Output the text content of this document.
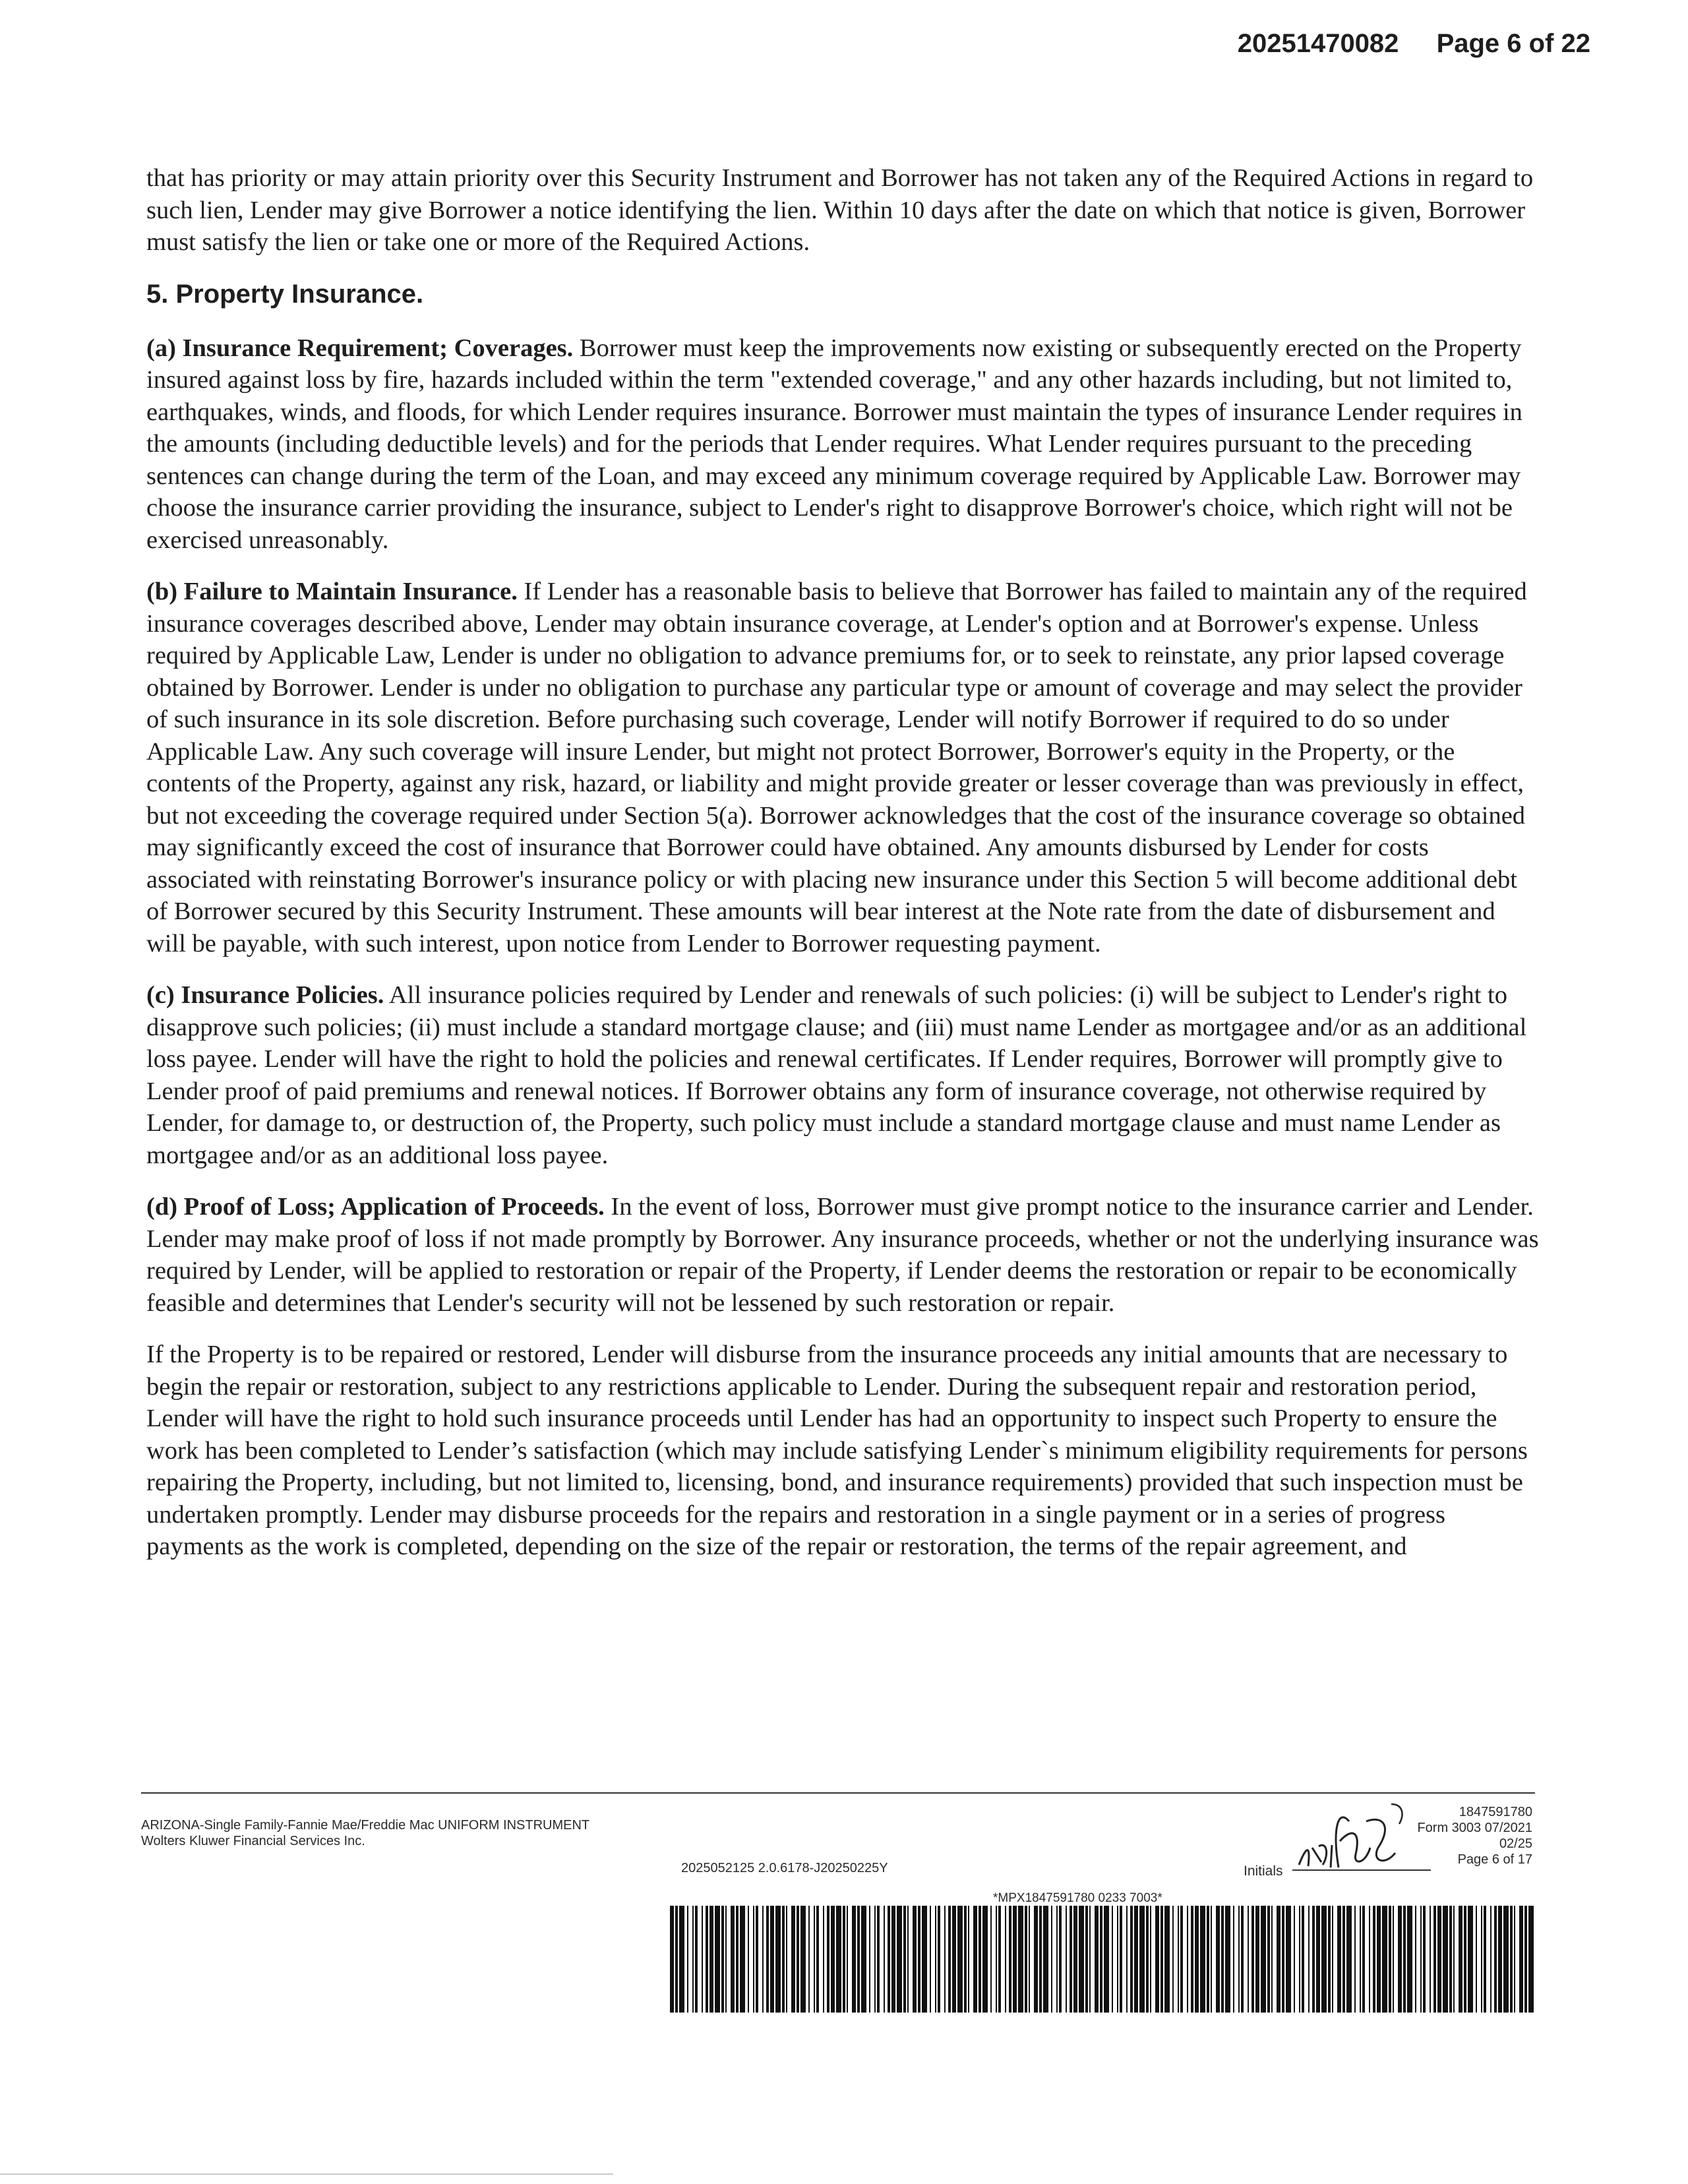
20251470082 Page 6 of 22

that has priority or may attain priority over this Security Instrument and Borrower has not taken any of the Required Actions in regard to such lien, Lender may give Borrower a notice identifying the lien. Within 10 days after the date on which that notice is given, Borrower must satisfy the lien or take one or more of the Required Actions.

5. Property Insurance.

(a) Insurance Requirement; Coverages. Borrower must keep the improvements now existing or subsequently erected on the Property insured against loss by fire, hazards included within the term "extended coverage," and any other hazards including, but not limited to, earthquakes, winds, and floods, for which Lender requires insurance. Borrower must maintain the types of insurance Lender requires in the amounts (including deductible levels) and for the periods that Lender requires. What Lender requires pursuant to the preceding sentences can change during the term of the Loan, and may exceed any minimum coverage required by Applicable Law. Borrower may choose the insurance carrier providing the insurance, subject to Lender's right to disapprove Borrower's choice, which right will not be exercised unreasonably.

(b) Failure to Maintain Insurance. If Lender has a reasonable basis to believe that Borrower has failed to maintain any of the required insurance coverages described above, Lender may obtain insurance coverage, at Lender's option and at Borrower's expense. Unless required by Applicable Law, Lender is under no obligation to advance premiums for, or to seek to reinstate, any prior lapsed coverage obtained by Borrower. Lender is under no obligation to purchase any particular type or amount of coverage and may select the provider of such insurance in its sole discretion. Before purchasing such coverage, Lender will notify Borrower if required to do so under Applicable Law. Any such coverage will insure Lender, but might not protect Borrower, Borrower's equity in the Property, or the contents of the Property, against any risk, hazard, or liability and might provide greater or lesser coverage than was previously in effect, but not exceeding the coverage required under Section 5(a). Borrower acknowledges that the cost of the insurance coverage so obtained may significantly exceed the cost of insurance that Borrower could have obtained. Any amounts disbursed by Lender for costs associated with reinstating Borrower's insurance policy or with placing new insurance under this Section 5 will become additional debt of Borrower secured by this Security Instrument. These amounts will bear interest at the Note rate from the date of disbursement and will be payable, with such interest, upon notice from Lender to Borrower requesting payment.

(c) Insurance Policies. All insurance policies required by Lender and renewals of such policies: (i) will be subject to Lender's right to disapprove such policies; (ii) must include a standard mortgage clause; and (iii) must name Lender as mortgagee and/or as an additional loss payee. Lender will have the right to hold the policies and renewal certificates. If Lender requires, Borrower will promptly give to Lender proof of paid premiums and renewal notices. If Borrower obtains any form of insurance coverage, not otherwise required by Lender, for damage to, or destruction of, the Property, such policy must include a standard mortgage clause and must name Lender as mortgagee and/or as an additional loss payee.

(d) Proof of Loss; Application of Proceeds. In the event of loss, Borrower must give prompt notice to the insurance carrier and Lender. Lender may make proof of loss if not made promptly by Borrower. Any insurance proceeds, whether or not the underlying insurance was required by Lender, will be applied to restoration or repair of the Property, if Lender deems the restoration or repair to be economically feasible and determines that Lender's security will not be lessened by such restoration or repair.

If the Property is to be repaired or restored, Lender will disburse from the insurance proceeds any initial amounts that are necessary to begin the repair or restoration, subject to any restrictions applicable to Lender. During the subsequent repair and restoration period, Lender will have the right to hold such insurance proceeds until Lender has had an opportunity to inspect such Property to ensure the work has been completed to Lender’s satisfaction (which may include satisfying Lender`s minimum eligibility requirements for persons repairing the Property, including, but not limited to, licensing, bond, and insurance requirements) provided that such inspection must be undertaken promptly. Lender may disburse proceeds for the repairs and restoration in a single payment or in a series of progress payments as the work is completed, depending on the size of the repair or restoration, the terms of the repair agreement, and

ARIZONA-Single Family-Fannie Mae/Freddie Mac UNIFORM INSTRUMENT
Wolters Kluwer Financial Services Inc.
2025052125 2.0.6178-J20250225Y
1847591780
Form 3003 07/2021
02/25
Page 6 of 17
Initials
*MPX1847591780 0233 7003*
